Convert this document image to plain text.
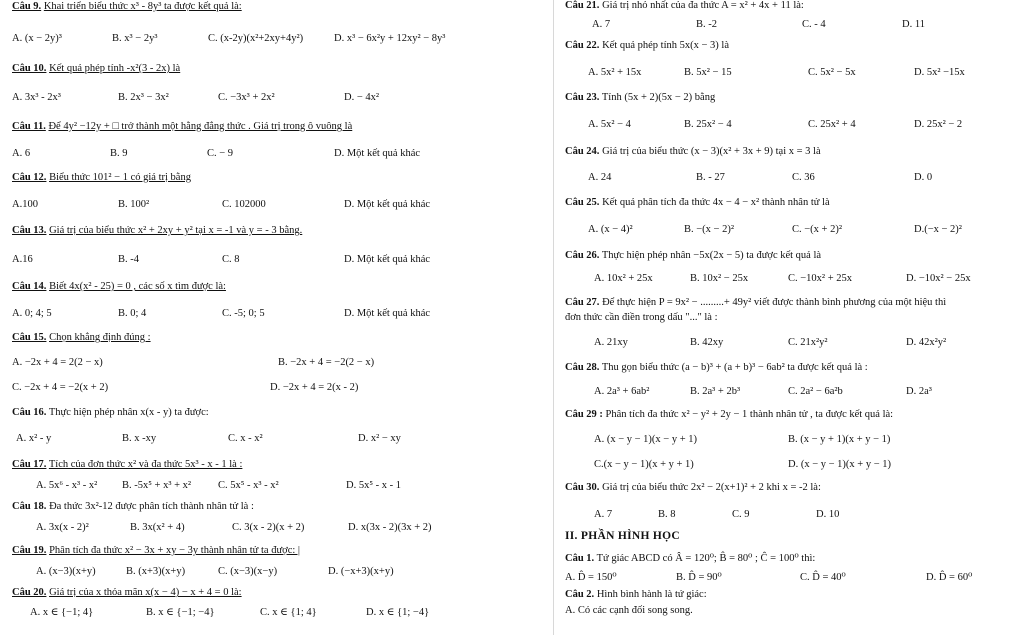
Câu 9. Khai triển biểu thức x³ - 8y³ ta được kết quả là:
A. (x − 2y)³	B. x³ − 2y³	C. (x-2y)(x²+2xy+4y²)	D. x³ − 6x²y + 12xy² − 8y³
Câu 10. Kết quả phép tính -x²(3 - 2x) là
A. 3x³ - 2x³	B. 2x³ − 3x²	C. −3x³ + 2x²	D. − 4x²
Câu 11. Để 4y² −12y + □ trở thành một hằng đẳng thức . Giá trị trong ô vuông là
A. 6	B. 9	C. − 9	D. Một kết quả khác
Câu 12. Biểu thức 101² − 1 có giá trị bằng
A.100	B. 100²	C. 102000	D. Một kết quả khác
Câu 13. Giá trị của biểu thức x² + 2xy + y² tại x = -1 và y = - 3 bằng.
A.16	B. -4	C. 8	D. Một kết quả khác
Câu 14. Biết 4x(x² - 25) = 0 , các số x tìm được là:
A. 0; 4; 5	B. 0; 4	C. -5; 0; 5	D. Một kết quả khác
Câu 15. Chọn khẳng định đúng :
A. −2x + 4 = 2(2 − x)	B. −2x + 4 = −2(2 − x)
C. −2x + 4 = −2(x + 2)	D. −2x + 4 = 2(x - 2)
Câu 16. Thực hiện phép nhân x(x - y) ta được:
A. x² - y	B. x -xy	C. x - x²	D. x² − xy
Câu 17. Tích của đơn thức x² và đa thức 5x³ - x - 1 là :
A. 5x⁶ - x³ - x² B. -5x⁵ + x³ + x²	C. 5x⁵ - x³ - x²	D. 5x⁵ - x - 1
Câu 18. Đa thức 3x²-12 được phân tích thành nhân tử là :
A. 3x(x - 2)²	B. 3x(x² + 4)	C. 3(x - 2)(x + 2)	D. x(3x - 2)(3x + 2)
Câu 19. Phân tích đa thức x² − 3x + xy − 3y thành nhân tử ta được: |
A. (x−3)(x+y)	B. (x+3)(x+y)	C. (x−3)(x−y)	D. (−x+3)(x+y)
Câu 20. Giá trị của x thỏa mãn x(x − 4) − x + 4 = 0 là:
A. x ∈ {−1; 4}	B. x ∈ {−1; −4}	C. x ∈ {1; 4}	D. x ∈ {1; −4}
Câu 21. Giá trị nhỏ nhất của đa thức A = x² + 4x + 11 là:
A. 7	B. -2	C. - 4	D. 11
Câu 22. Kết quả phép tính 5x(x − 3) là
A. 5x² + 15x	B. 5x² − 15	C. 5x² − 5x	D. 5x² −15x
Câu 23. Tính (5x + 2)(5x − 2) bằng
A. 5x² − 4	B. 25x² − 4	C. 25x² + 4	D. 25x² − 2
Câu 24. Giá trị của biểu thức (x − 3)(x² + 3x + 9) tại x = 3 là
A. 24	B. - 27	C. 36	D. 0
Câu 25. Kết quả phân tích đa thức 4x − 4 − x² thành nhân tử là
A. (x − 4)²	B. −(x − 2)²	C. −(x + 2)²	D.(−x − 2)²
Câu 26. Thực hiện phép nhân −5x(2x − 5) ta được kết quả là
A. 10x² + 25x	B. 10x² − 25x	C. −10x² + 25x	D. −10x² − 25x
Câu 27. Để thực hiện P = 9x² − .........+ 49y² viết được thành bình phương của một hiệu thì
đơn thức cần điền trong dấu "..." là :
A. 21xy	B. 42xy	C. 21x²y²	D. 42x²y²
Câu 28. Thu gọn biểu thức (a − b)³ + (a + b)³ − 6ab² ta được kết quả là :
A. 2a³ + 6ab²	B. 2a³ + 2b³	C. 2a² − 6a²b	D. 2a³
Câu 29 : Phân tích đa thức x² − y² + 2y − 1 thành nhân tử , ta được kết quả là:
A. (x − y − 1)(x − y + 1)	B. (x − y + 1)(x + y − 1)
C.(x − y − 1)(x + y + 1)	D. (x − y − 1)(x + y − 1)
Câu 30. Giá trị của biểu thức 2x² − 2(x+1)² + 2 khi x = -2 là:
A. 7	B. 8	C. 9	D. 10
II. PHẦN HÌNH HỌC
Câu 1. Tứ giác ABCD có Â = 120⁰; B̂ = 80⁰ ; Ĉ = 100⁰ thì:
A. D̂ = 150⁰	B. D̂ = 90⁰	C. D̂ = 40⁰	D. D̂ = 60⁰
Câu 2. Hình bình hành là tứ giác:
A. Có các cạnh đối song song.
